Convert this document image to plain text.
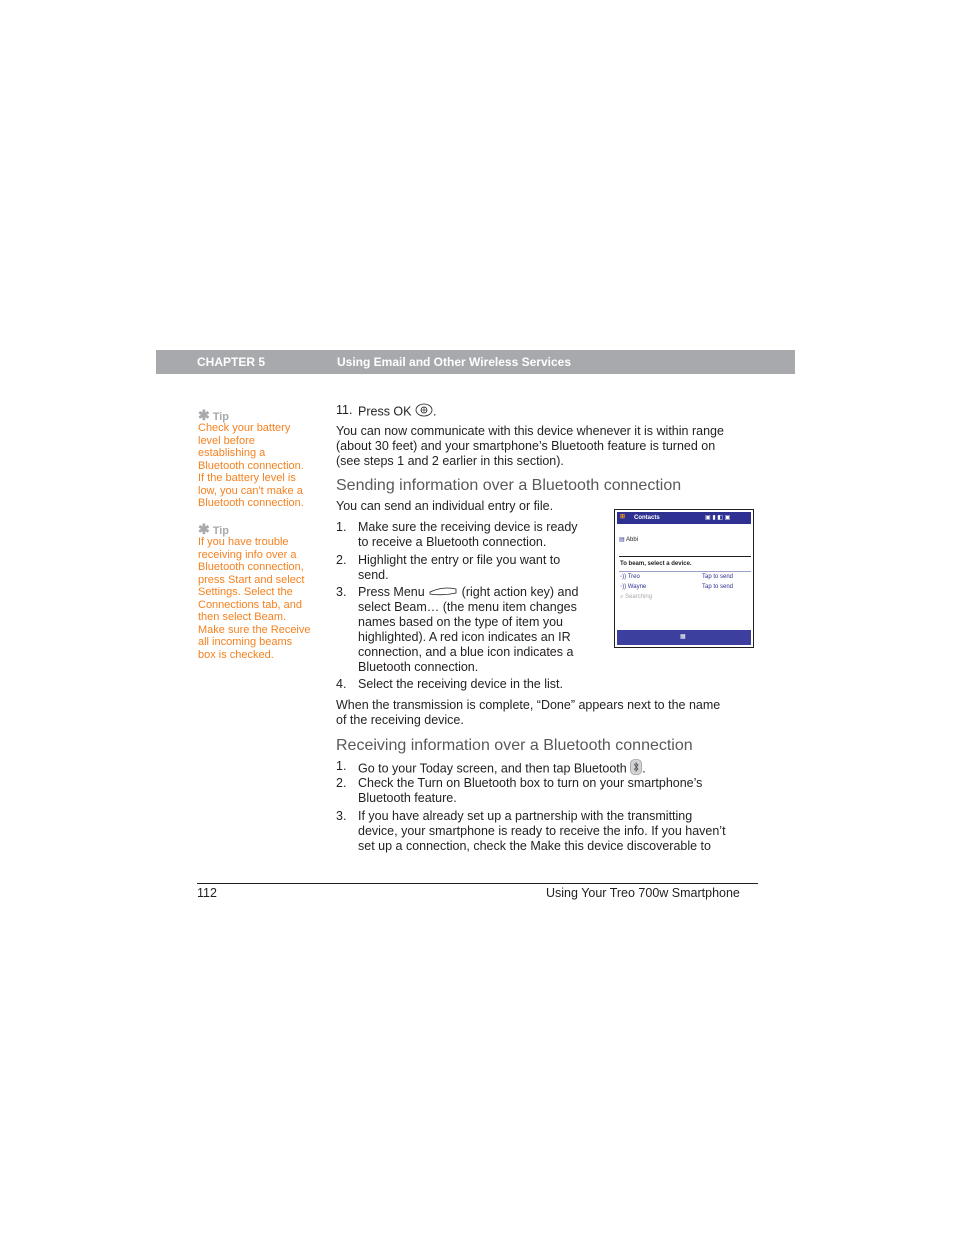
CHAPTER 5	Using Email and Other Wireless Services
✱ Tip
Check your battery
level before
establishing a
Bluetooth connection.
If the battery level is
low, you can't make a
Bluetooth connection.
✱ Tip
If you have trouble
receiving info over a
Bluetooth connection,
press Start and select
Settings. Select the
Connections tab, and
then select Beam.
Make sure the Receive
all incoming beams
box is checked.
11. Press OK .
You can now communicate with this device whenever it is within range
(about 30 feet) and your smartphone’s Bluetooth feature is turned on
(see steps 1 and 2 earlier in this section).
Sending information over a Bluetooth connection
You can send an individual entry or file.
1. Make sure the receiving device is ready
to receive a Bluetooth connection.
2. Highlight the entry or file you want to
send.
3. Press Menu	(right action key) and
select Beam… (the menu item changes
names based on the type of item you
highlighted). A red icon indicates an IR
connection, and a blue icon indicates a
Bluetooth connection.
4. Select the receiving device in the list.
When the transmission is complete, “Done” appears next to the name
of the receiving device.
⊞ Contacts	▣ ▮ ◧ ▣
▤ Abbi
To beam, select a device.
◦)) Treo	Tap to send
◦)) Wayne	Tap to send
⌕ Searching
▦
Receiving information over a Bluetooth connection
1. Go to your Today screen, and then tap Bluetooth .
2. Check the Turn on Bluetooth box to turn on your smartphone’s
Bluetooth feature.
3. If you have already set up a partnership with the transmitting
device, your smartphone is ready to receive the info. If you haven’t
set up a connection, check the Make this device discoverable to
112	Using Your Treo 700w Smartphone
